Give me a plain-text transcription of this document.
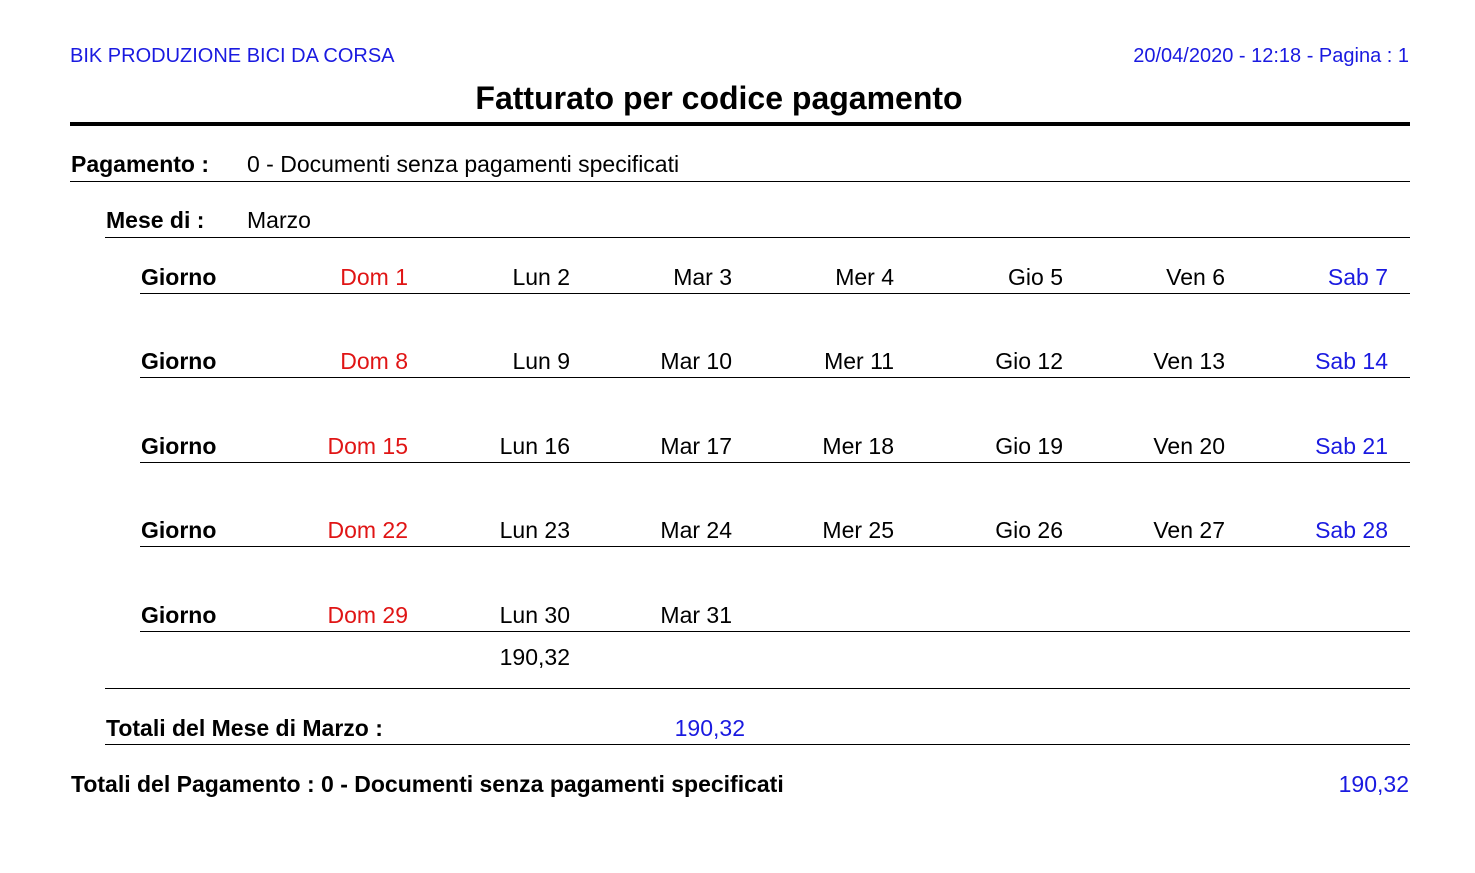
BIK PRODUZIONE BICI DA CORSA	20/04/2020 - 12:18 - Pagina : 1
Fatturato per codice pagamento
Pagamento : 0 - Documenti senza pagamenti specificati
Mese di : Marzo
Giorno	Dom 1	Lun 2	Mar 3	Mer 4	Gio 5	Ven 6	Sab 7
Giorno	Dom 8	Lun 9	Mar 10	Mer 11	Gio 12	Ven 13	Sab 14
Giorno	Dom 15	Lun 16	Mar 17	Mer 18	Gio 19	Ven 20	Sab 21
Giorno	Dom 22	Lun 23	Mar 24	Mer 25	Gio 26	Ven 27	Sab 28
Giorno	Dom 29	Lun 30	Mar 31
190,32
Totali del Mese di Marzo :	190,32
Totali del Pagamento : 0 - Documenti senza pagamenti specificati	190,32
